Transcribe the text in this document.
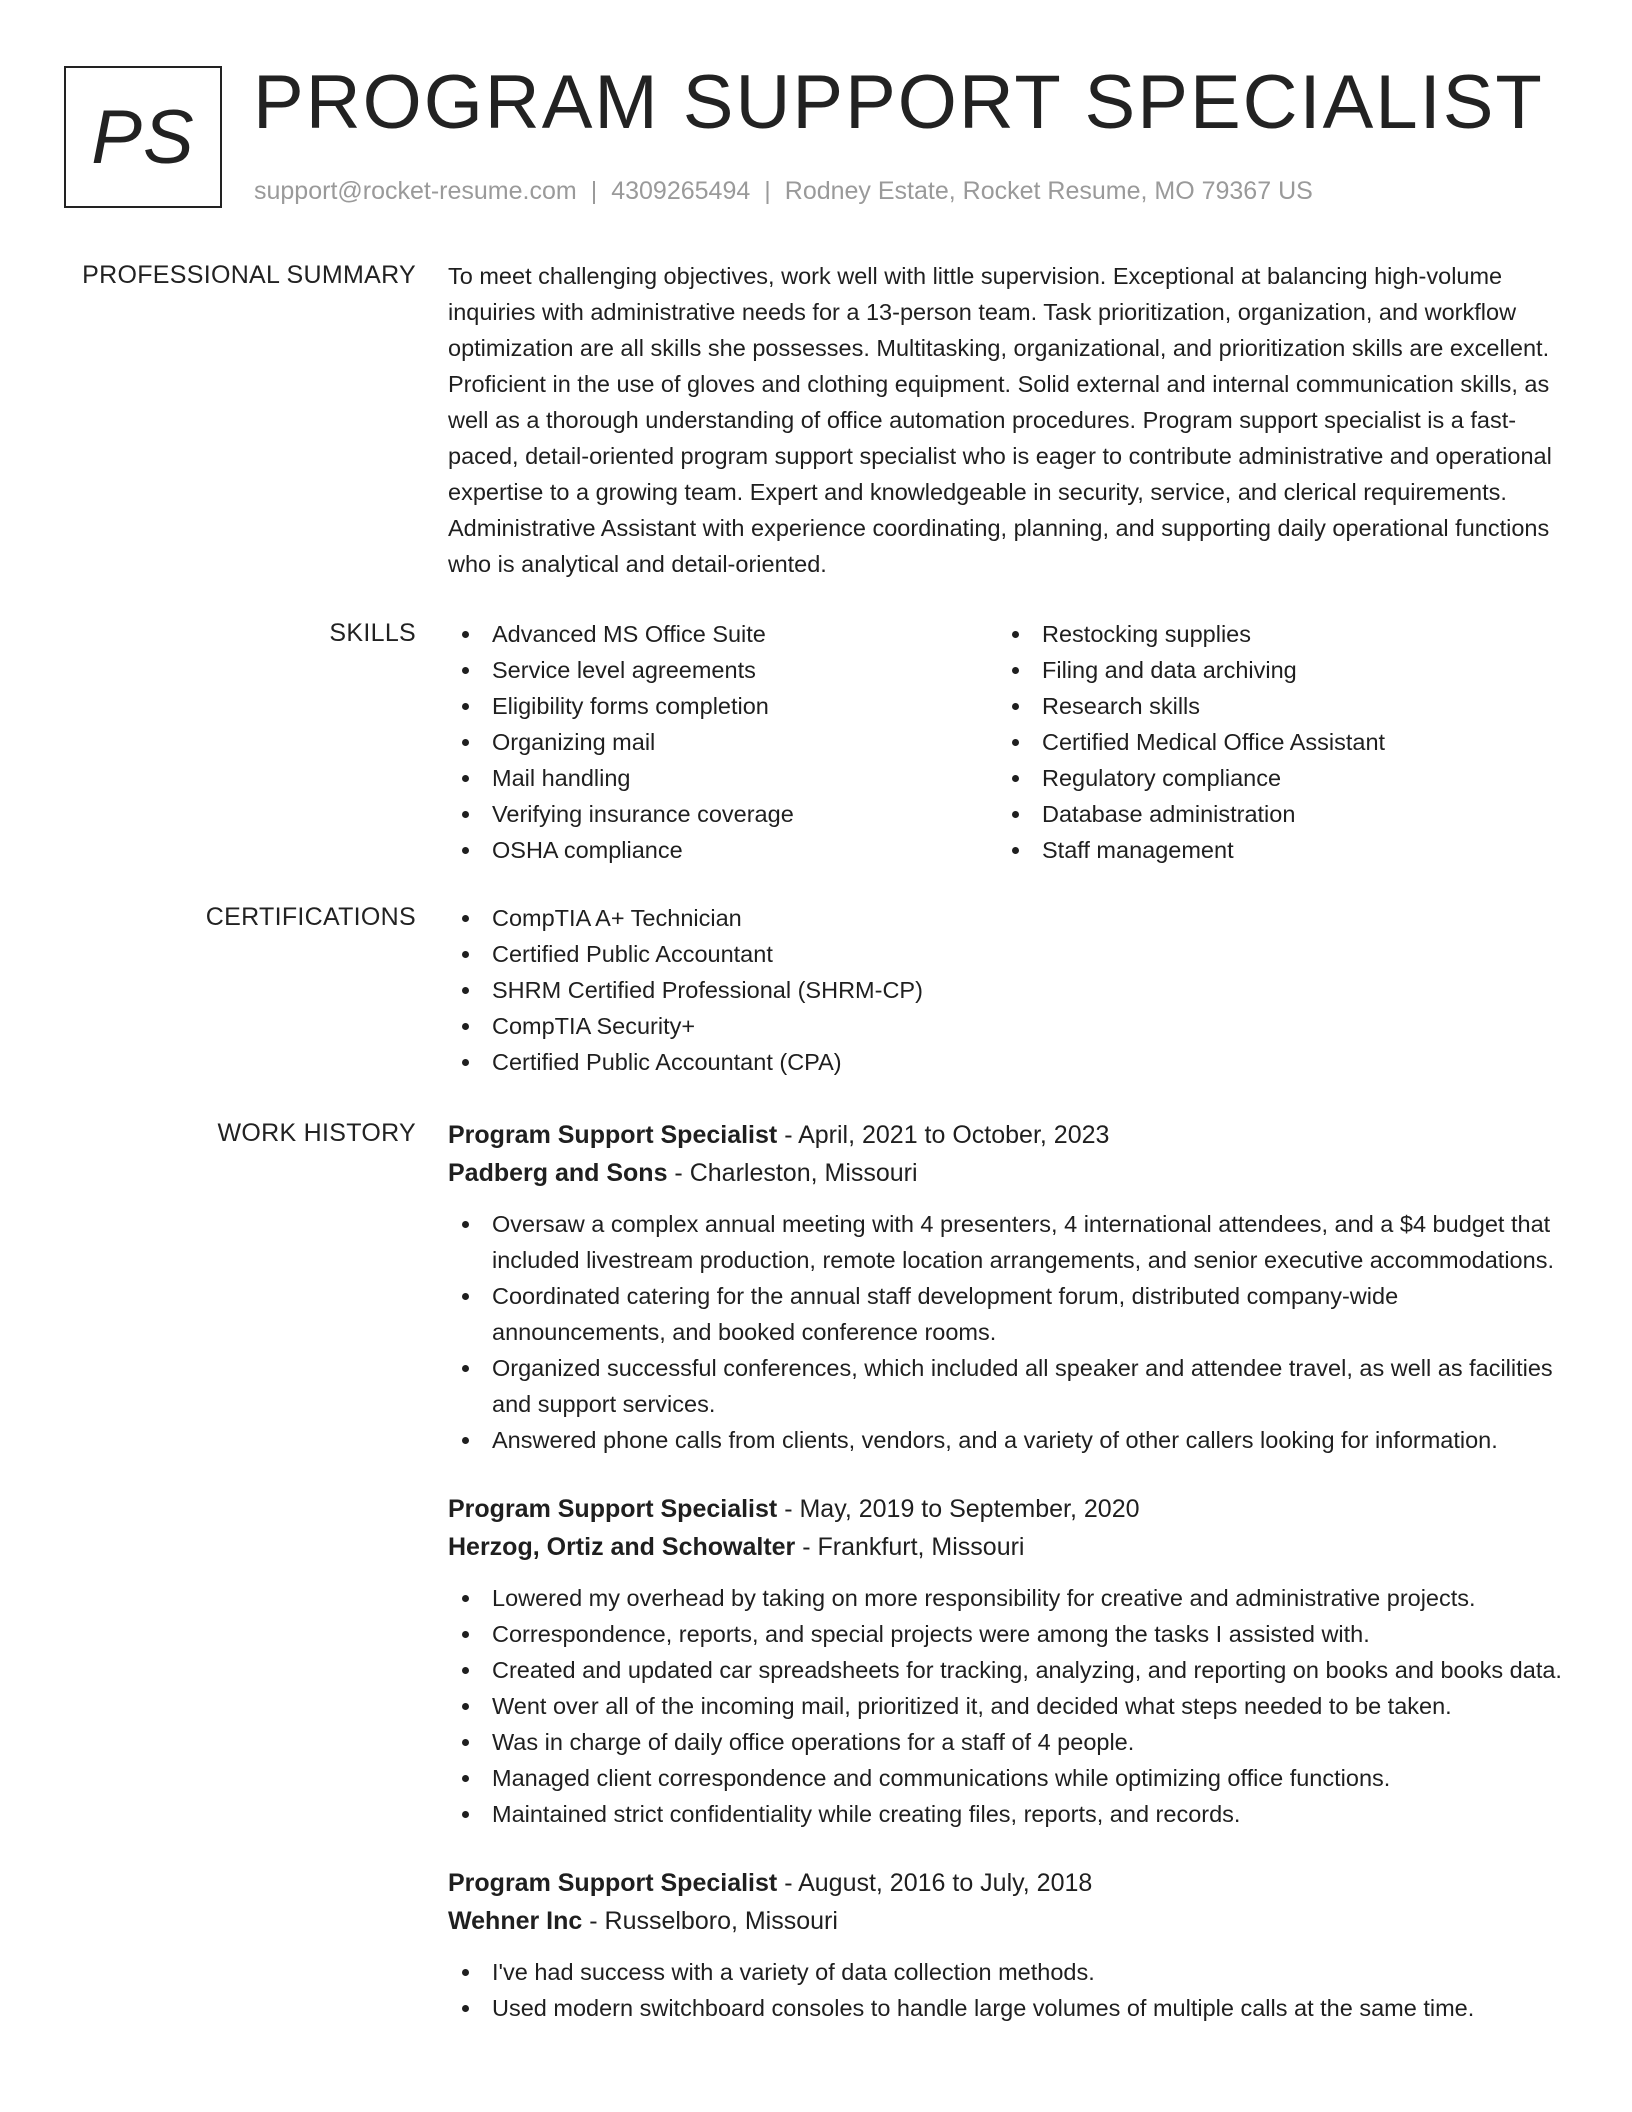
PS PROGRAM SUPPORT SPECIALIST
support@rocket-resume.com | 4309265494 | Rodney Estate, Rocket Resume, MO 79367 US
PROFESSIONAL SUMMARY To meet challenging objectives, work well with little supervision. Exceptional at balancing high-volume inquiries with administrative needs for a 13-person team. Task prioritization, organization, and workflow optimization are all skills she possesses. Multitasking, organizational, and prioritization skills are excellent. Proficient in the use of gloves and clothing equipment. Solid external and internal communication skills, as well as a thorough understanding of office automation procedures. Program support specialist is a fast-paced, detail-oriented program support specialist who is eager to contribute administrative and operational expertise to a growing team. Expert and knowledgeable in security, service, and clerical requirements. Administrative Assistant with experience coordinating, planning, and supporting daily operational functions who is analytical and detail-oriented.
SKILLS	Advanced MS Office Suite
Service level agreements
Eligibility forms completion
Organizing mail
Mail handling
Verifying insurance coverage
OSHA compliance
Restocking supplies
Filing and data archiving
Research skills
Certified Medical Office Assistant
Regulatory compliance
Database administration
Staff management
CERTIFICATIONS	CompTIA A+ Technician
Certified Public Accountant
SHRM Certified Professional (SHRM-CP)
CompTIA Security+
Certified Public Accountant (CPA)
WORK HISTORY Program Support Specialist - April, 2021 to October, 2023
Padberg and Sons - Charleston, Missouri
Oversaw a complex annual meeting with 4 presenters, 4 international attendees, and a $4 budget that included livestream production, remote location arrangements, and senior executive accommodations.
Coordinated catering for the annual staff development forum, distributed company-wide announcements, and booked conference rooms.
Organized successful conferences, which included all speaker and attendee travel, as well as facilities and support services.
Answered phone calls from clients, vendors, and a variety of other callers looking for information.
Program Support Specialist - May, 2019 to September, 2020
Herzog, Ortiz and Schowalter - Frankfurt, Missouri
Lowered my overhead by taking on more responsibility for creative and administrative projects.
Correspondence, reports, and special projects were among the tasks I assisted with.
Created and updated car spreadsheets for tracking, analyzing, and reporting on books and books data.
Went over all of the incoming mail, prioritized it, and decided what steps needed to be taken.
Was in charge of daily office operations for a staff of 4 people.
Managed client correspondence and communications while optimizing office functions.
Maintained strict confidentiality while creating files, reports, and records.
Program Support Specialist - August, 2016 to July, 2018
Wehner Inc - Russelboro, Missouri
I've had success with a variety of data collection methods.
Used modern switchboard consoles to handle large volumes of multiple calls at the same time.
